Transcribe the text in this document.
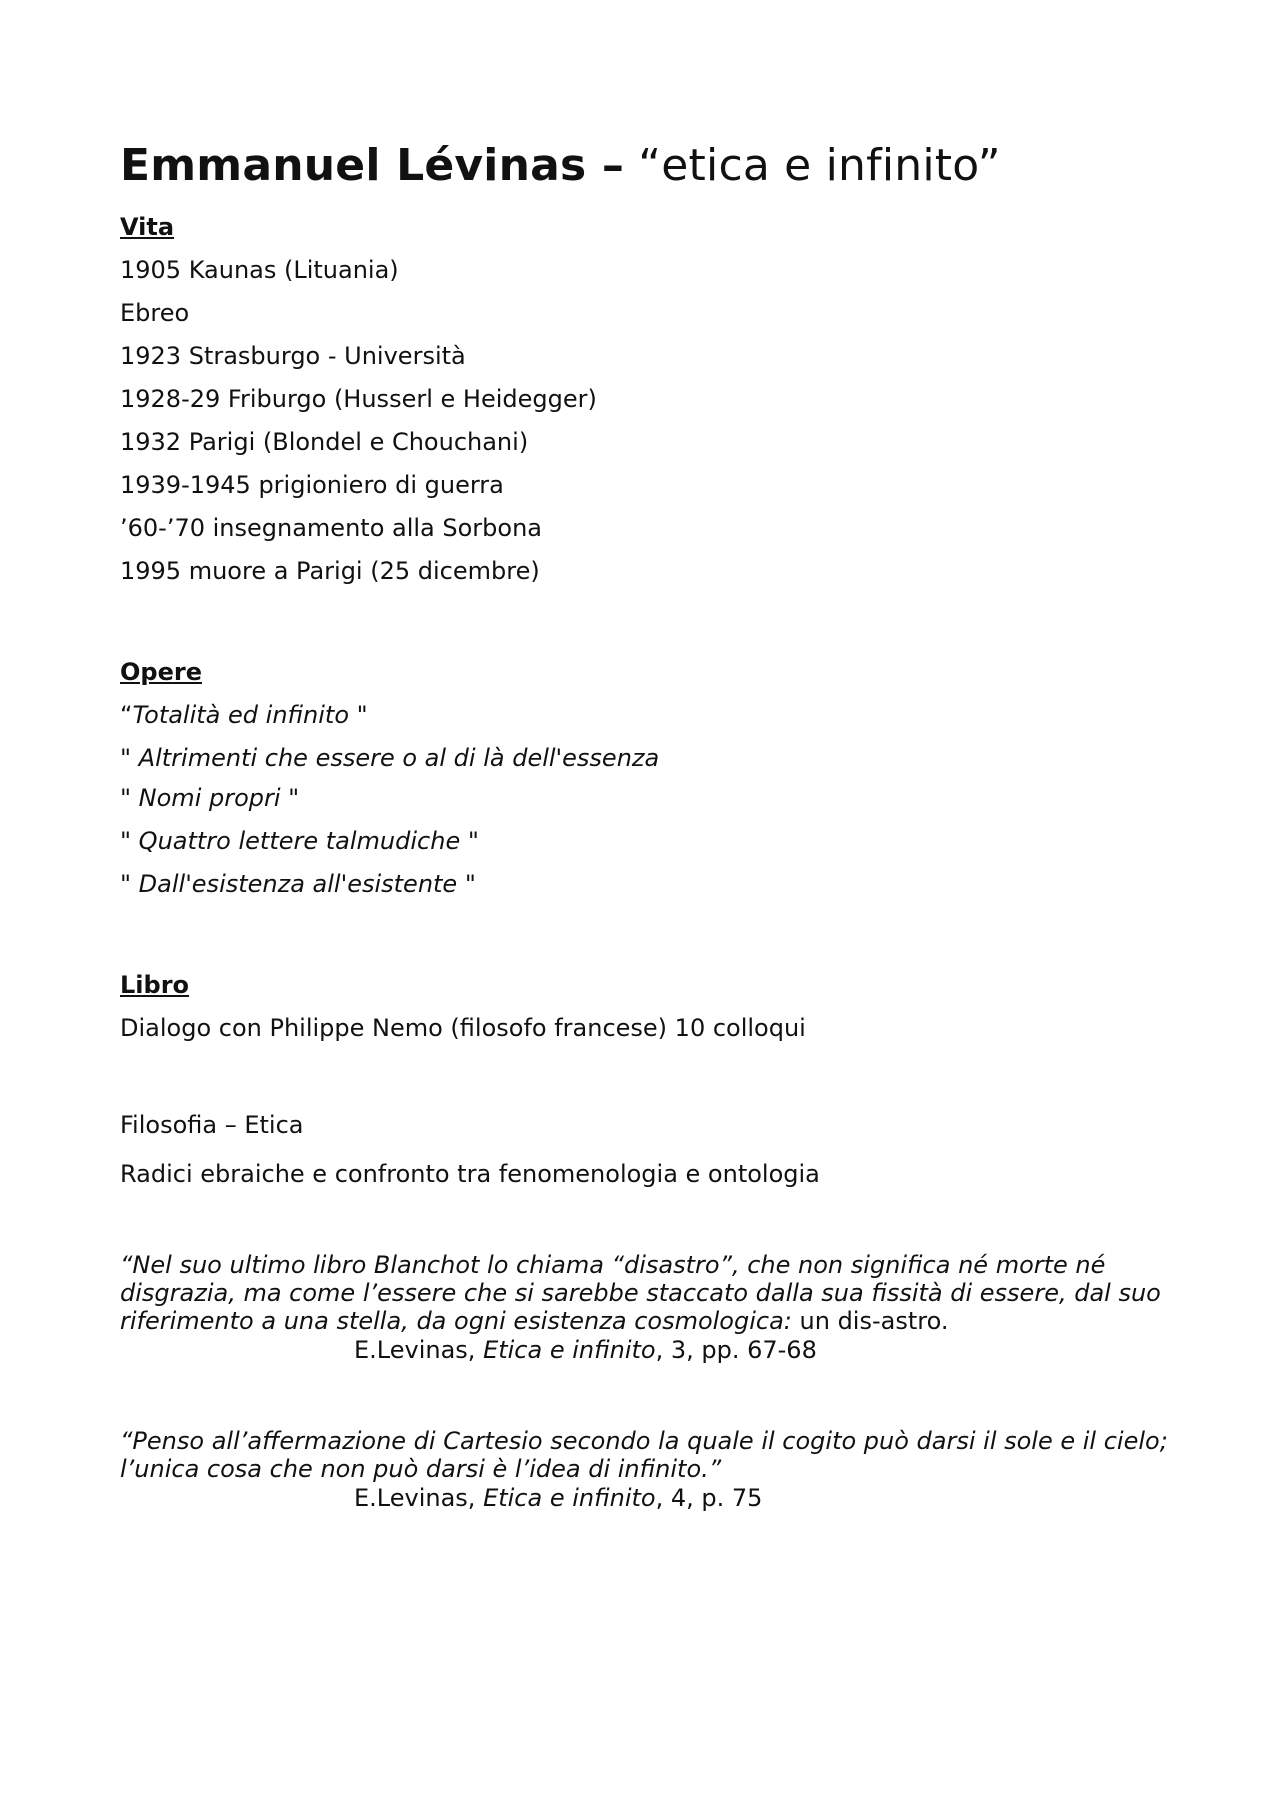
Emmanuel Lévinas – “etica e infinito”

Vita

1905 Kaunas (Lituania)

Ebreo

1923 Strasburgo - Università

1928-29 Friburgo (Husserl e Heidegger)

1932 Parigi (Blondel e Chouchani)

1939-1945 prigioniero di guerra

’60-’70 insegnamento alla Sorbona

1995 muore a Parigi (25 dicembre)

Opere

“Totalità ed infinito "

" Altrimenti che essere o al di là dell'essenza

" Nomi propri "

" Quattro lettere talmudiche "

" Dall'esistenza all'esistente "

Libro

Dialogo con Philippe Nemo (filosofo francese) 10 colloqui

Filosofia – Etica

Radici ebraiche e confronto tra fenomenologia e ontologia

“Nel suo ultimo libro Blanchot lo chiama “disastro”, che non significa né morte né

disgrazia, ma come l’essere che si sarebbe staccato dalla sua fissità di essere, dal suo

riferimento a una stella, da ogni esistenza cosmologica: un dis-astro.

E.Levinas, Etica e infinito, 3, pp. 67-68

“Penso all’affermazione di Cartesio secondo la quale il cogito può darsi il sole e il cielo;

l’unica cosa che non può darsi è l’idea di infinito.”

E.Levinas, Etica e infinito, 4, p. 75
